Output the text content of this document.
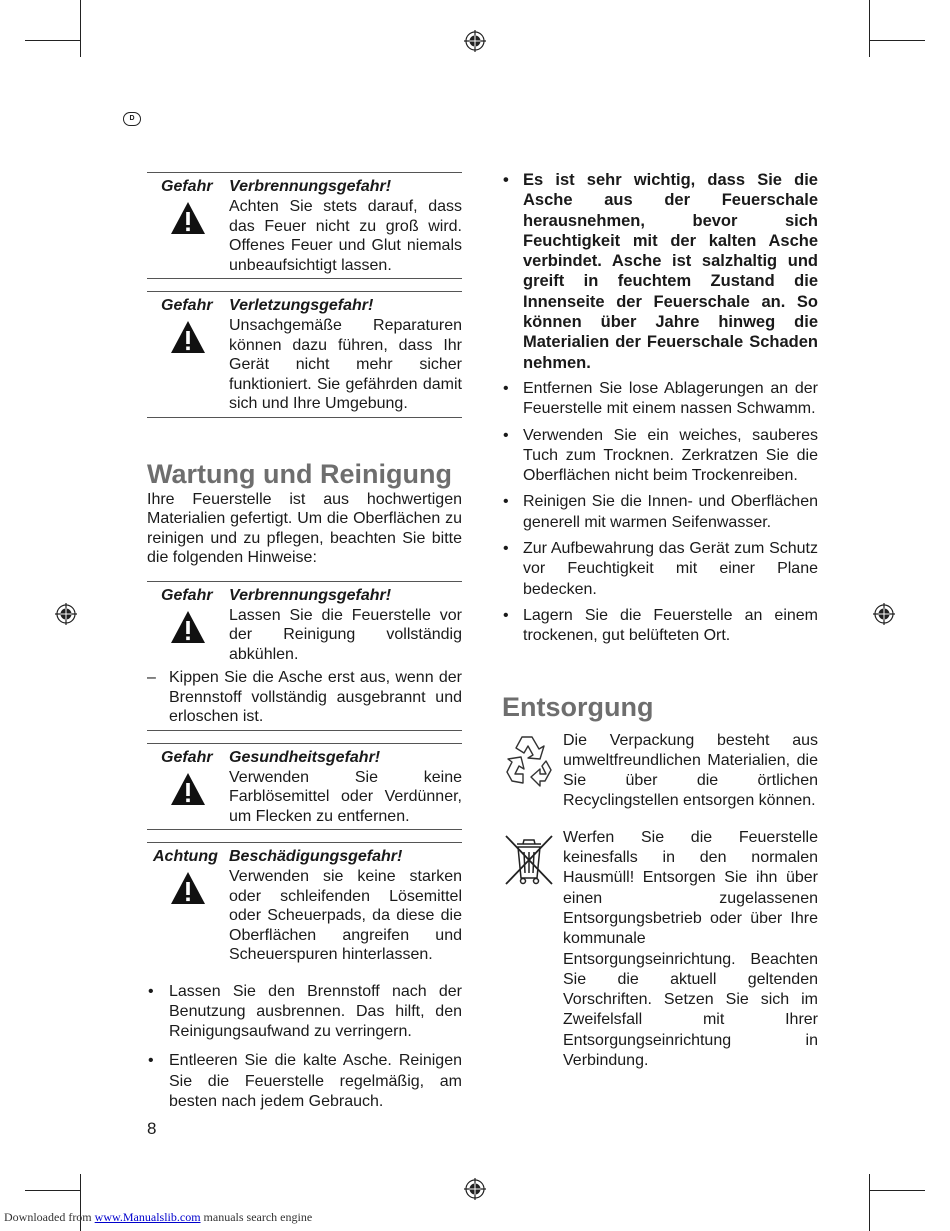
D
Gefahr Verbrennungsgefahr!
Achten Sie stets darauf, dass das Feuer nicht zu groß wird. Offenes Feuer und Glut niemals unbeaufsichtigt lassen.
Gefahr Verletzungsgefahr!
Unsachgemäße Reparaturen können dazu führen, dass Ihr Gerät nicht mehr sicher funktioniert. Sie gefährden damit sich und Ihre Umgebung.
Wartung und Reinigung

Ihre Feuerstelle ist aus hochwertigen Materialien gefertigt. Um die Oberflächen zu reinigen und zu pflegen, beachten Sie bitte die folgenden Hinweise:

Gefahr Verbrennungsgefahr!
Lassen Sie die Feuerstelle vor der Reinigung vollständig abkühlen.
– Kippen Sie die Asche erst aus, wenn der Brennstoff vollständig ausgebrannt und erloschen ist.
Gefahr Gesundheitsgefahr!
Verwenden Sie keine Farblösemittel oder Verdünner, um Flecken zu entfernen.
Achtung Beschädigungsgefahr!
Verwenden sie keine starken oder schleifenden Lösemittel oder Scheuerpads, da diese die Oberflächen angreifen und Scheuerspuren hinterlassen.
• Lassen Sie den Brennstoff nach der Benutzung ausbrennen. Das hilft, den Reinigungsaufwand zu verringern.
• Entleeren Sie die kalte Asche. Reinigen Sie die Feuerstelle regelmäßig, am besten nach jedem Gebrauch.
• Es ist sehr wichtig, dass Sie die Asche aus der Feuerschale herausnehmen, bevor sich Feuchtigkeit mit der kalten Asche verbindet. Asche ist salzhaltig und greift in feuchtem Zustand die Innenseite der Feuerschale an. So können über Jahre hinweg die Materialien der Feuerschale Schaden nehmen.
• Entfernen Sie lose Ablagerungen an der Feuerstelle mit einem nassen Schwamm.
• Verwenden Sie ein weiches, sauberes Tuch zum Trocknen. Zerkratzen Sie die Oberflächen nicht beim Trockenreiben.
• Reinigen Sie die Innen- und Oberflächen generell mit warmen Seifenwasser.
• Zur Aufbewahrung das Gerät zum Schutz vor Feuchtigkeit mit einer Plane bedecken.
• Lagern Sie die Feuerstelle an einem trockenen, gut belüfteten Ort.
Entsorgung
Die Verpackung besteht aus umweltfreundlichen Materialien, die Sie über die örtlichen Recyclingstellen entsorgen können.
Werfen Sie die Feuerstelle keinesfalls in den normalen Hausmüll! Entsorgen Sie ihn über einen zugelassenen Entsorgungsbetrieb oder über Ihre kommunale Entsorgungseinrichtung. Beachten Sie die aktuell geltenden Vorschriften. Setzen Sie sich im Zweifelsfall mit Ihrer Entsorgungseinrichtung in Verbindung.
8
Downloaded from www.Manualslib.com manuals search engine
